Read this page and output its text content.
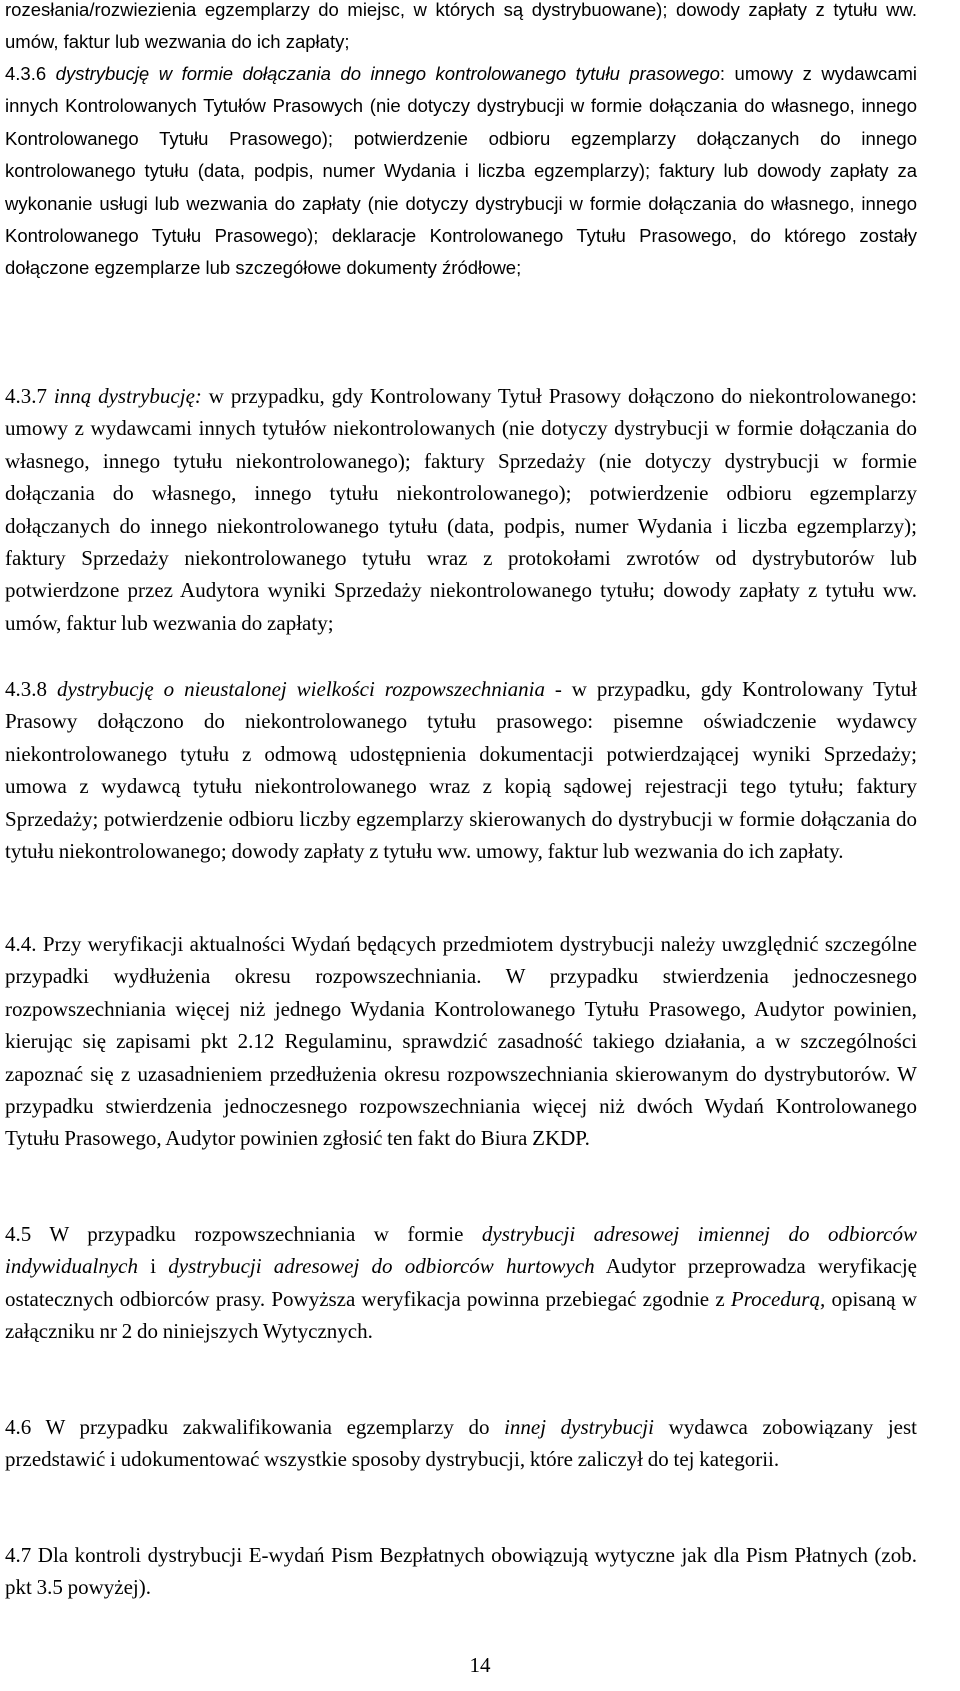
rozesłania/rozwiezienia egzemplarzy do miejsc, w których są dystrybuowane); dowody zapłaty z tytułu ww. umów, faktur lub wezwania do ich zapłaty;

4.3.6 dystrybucję w formie dołączania do innego kontrolowanego tytułu prasowego: umowy z wydawcami innych Kontrolowanych Tytułów Prasowych (nie dotyczy dystrybucji w formie dołączania do własnego, innego Kontrolowanego Tytułu Prasowego); potwierdzenie odbioru egzemplarzy dołączanych do innego kontrolowanego tytułu (data, podpis, numer Wydania i liczba egzemplarzy); faktury lub dowody zapłaty za wykonanie usługi lub wezwania do zapłaty (nie dotyczy dystrybucji w formie dołączania do własnego, innego Kontrolowanego Tytułu Prasowego); deklaracje Kontrolowanego Tytułu Prasowego, do którego zostały dołączone egzemplarze lub szczegółowe dokumenty źródłowe;

4.3.7 inną dystrybucję: w przypadku, gdy Kontrolowany Tytuł Prasowy dołączono do niekontrolowanego: umowy z wydawcami innych tytułów niekontrolowanych (nie dotyczy dystrybucji w formie dołączania do własnego, innego tytułu niekontrolowanego); faktury Sprzedaży (nie dotyczy dystrybucji w formie dołączania do własnego, innego tytułu niekontrolowanego); potwierdzenie odbioru egzemplarzy dołączanych do innego niekontrolowanego tytułu (data, podpis, numer Wydania i liczba egzemplarzy); faktury Sprzedaży niekontrolowanego tytułu wraz z protokołami zwrotów od dystrybutorów lub potwierdzone przez Audytora wyniki Sprzedaży niekontrolowanego tytułu; dowody zapłaty z tytułu ww. umów, faktur lub wezwania do zapłaty;

4.3.8 dystrybucję o nieustalonej wielkości rozpowszechniania - w przypadku, gdy Kontrolowany Tytuł Prasowy dołączono do niekontrolowanego tytułu prasowego: pisemne oświadczenie wydawcy niekontrolowanego tytułu z odmową udostępnienia dokumentacji potwierdzającej wyniki Sprzedaży; umowa z wydawcą tytułu niekontrolowanego wraz z kopią sądowej rejestracji tego tytułu; faktury Sprzedaży; potwierdzenie odbioru liczby egzemplarzy skierowanych do dystrybucji w formie dołączania do tytułu niekontrolowanego; dowody zapłaty z tytułu ww. umowy, faktur lub wezwania do ich zapłaty.

4.4. Przy weryfikacji aktualności Wydań będących przedmiotem dystrybucji należy uwzględnić szczególne przypadki wydłużenia okresu rozpowszechniania. W przypadku stwierdzenia jednoczesnego rozpowszechniania więcej niż jednego Wydania Kontrolowanego Tytułu Prasowego, Audytor powinien, kierując się zapisami pkt 2.12 Regulaminu, sprawdzić zasadność takiego działania, a w szczególności zapoznać się z uzasadnieniem przedłużenia okresu rozpowszechniania skierowanym do dystrybutorów. W przypadku stwierdzenia jednoczesnego rozpowszechniania więcej niż dwóch Wydań Kontrolowanego Tytułu Prasowego, Audytor powinien zgłosić ten fakt do Biura ZKDP.

4.5 W przypadku rozpowszechniania w formie dystrybucji adresowej imiennej do odbiorców indywidualnych i dystrybucji adresowej do odbiorców hurtowych Audytor przeprowadza weryfikację ostatecznych odbiorców prasy. Powyższa weryfikacja powinna przebiegać zgodnie z Procedurą, opisaną w załączniku nr 2 do niniejszych Wytycznych.

4.6 W przypadku zakwalifikowania egzemplarzy do innej dystrybucji wydawca zobowiązany jest przedstawić i udokumentować wszystkie sposoby dystrybucji, które zaliczył do tej kategorii.

4.7 Dla kontroli dystrybucji E-wydań Pism Bezpłatnych obowiązują wytyczne jak dla Pism Płatnych (zob. pkt 3.5 powyżej).

14
